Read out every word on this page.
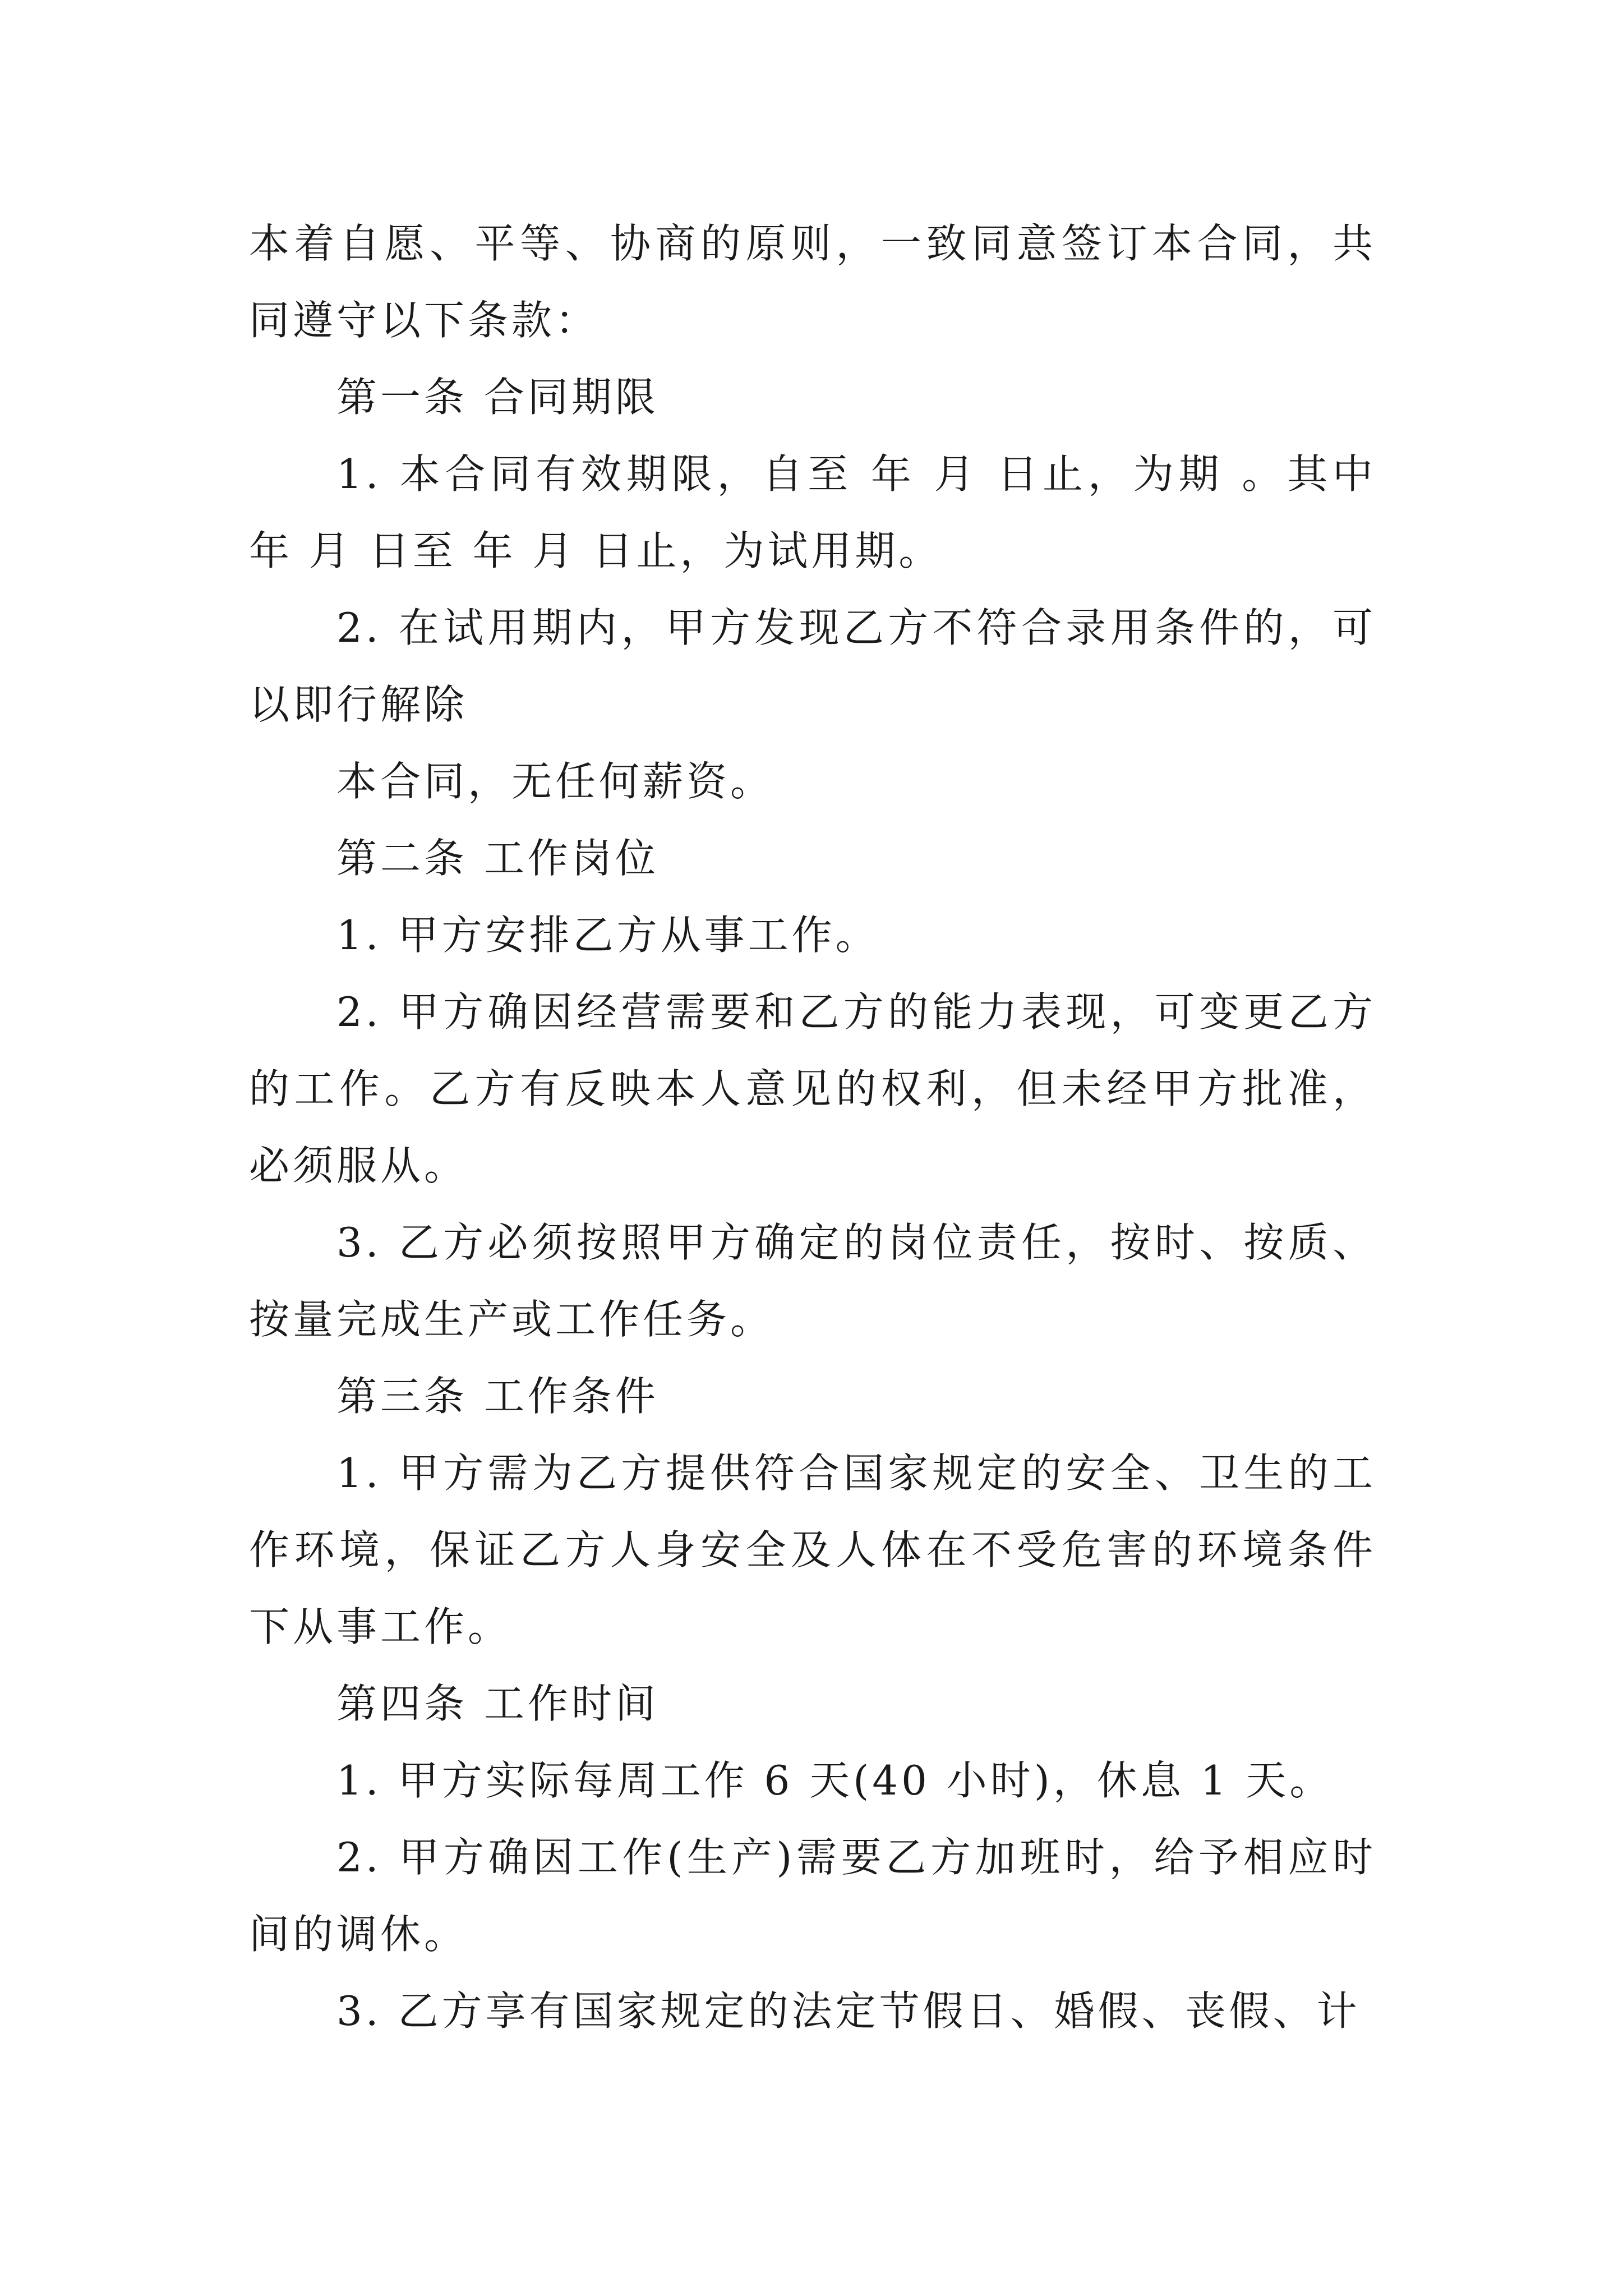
本着自愿、平等、协商的原则，一致同意签订本合同，共同遵守以下条款：

第一条 合同期限

1. 本合同有效期限，自至 年 月 日止，为期 。其中 年 月 日至 年 月 日止，为试用期。

2. 在试用期内，甲方发现乙方不符合录用条件的，可以即行解除

本合同，无任何薪资。

第二条 工作岗位

1. 甲方安排乙方从事工作。

2. 甲方确因经营需要和乙方的能力表现，可变更乙方的工作。乙方有反映本人意见的权利，但未经甲方批准，必须服从。

3. 乙方必须按照甲方确定的岗位责任，按时、按质、按量完成生产或工作任务。

第三条 工作条件

1. 甲方需为乙方提供符合国家规定的安全、卫生的工作环境，保证乙方人身安全及人体在不受危害的环境条件下从事工作。

第四条 工作时间

1. 甲方实际每周工作 6 天(40 小时)，休息 1 天。

2. 甲方确因工作(生产)需要乙方加班时，给予相应时间的调休。

3. 乙方享有国家规定的法定节假日、婚假、丧假、计
